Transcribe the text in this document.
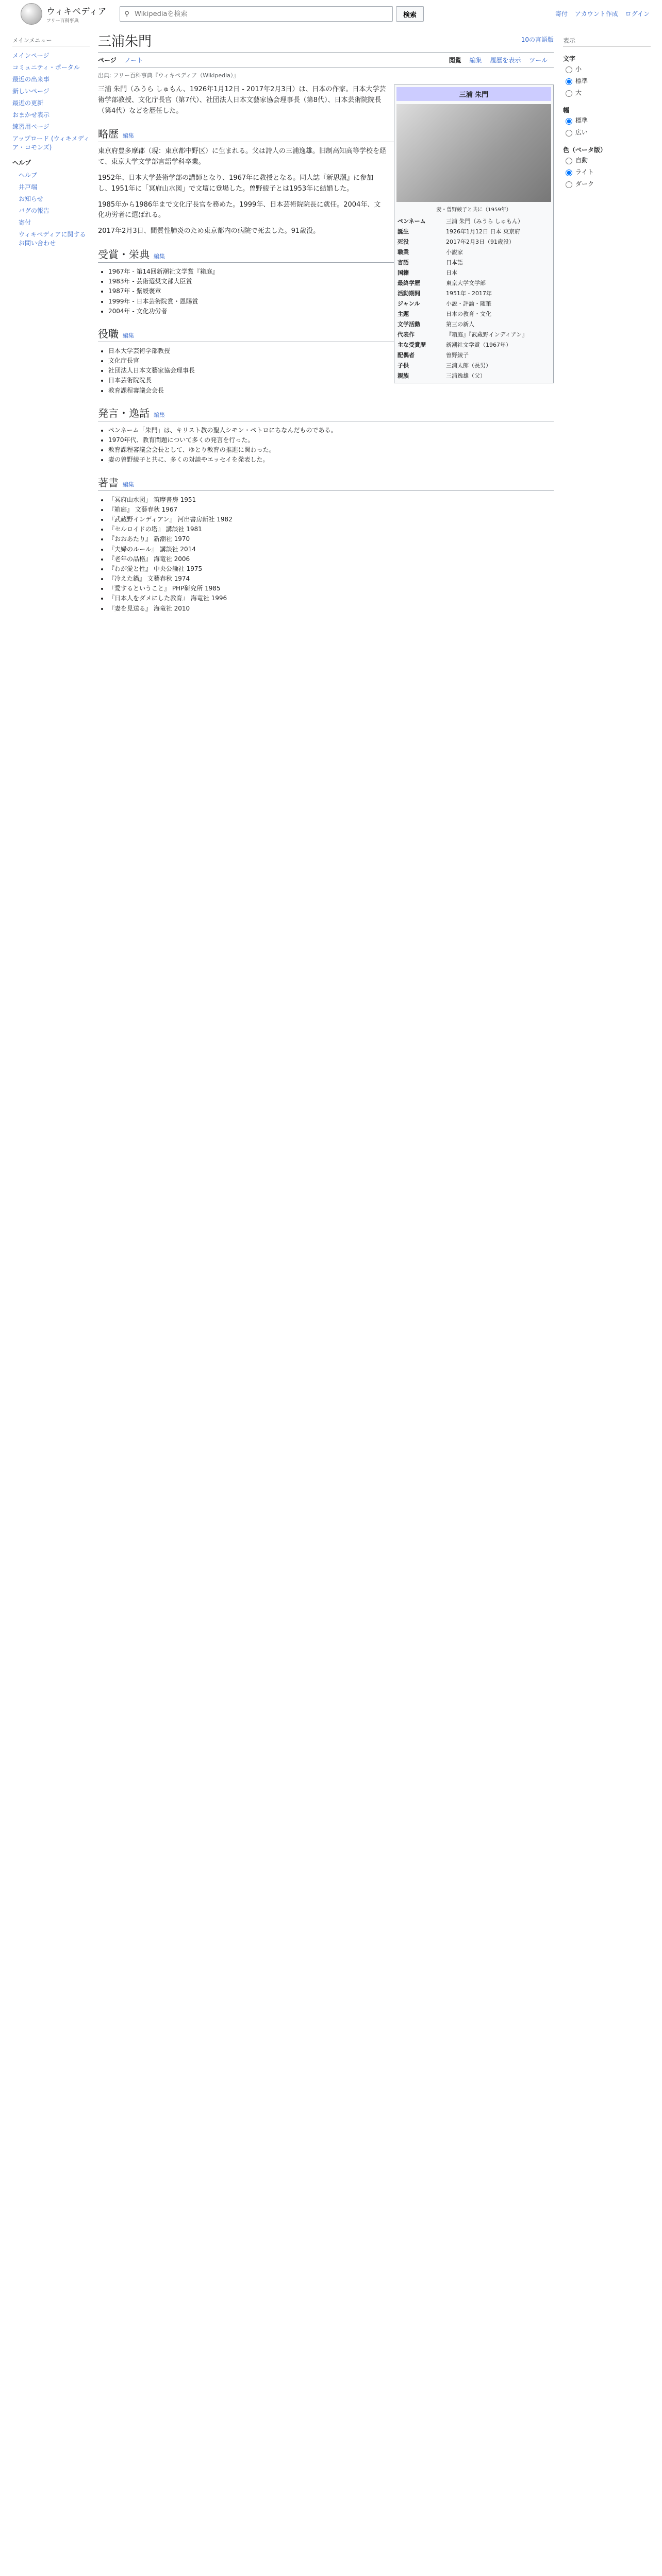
ウィキペディア
フリー百科事典
⚲
Wikipediaを検索	検索	寄付 アカウント作成 ログイン
メインメニュー
メインページ
コミュニティ・ポータル
最近の出来事
新しいページ
最近の更新
おまかせ表示
練習用ページ
アップロード (ウィキメディア・コモンズ)
ヘルプ
ヘルプ
井戸端
お知らせ
バグの報告
寄付
ウィキペディアに関するお問い合わせ
三浦朱門	10の言語版
ページ ノート	閲覧 編集 履歴を表示 ツール
出典: フリー百科事典『ウィキペディア（Wikipedia）』
三浦 朱門
妻・曽野綾子と共に（1959年）
ペンネーム	三浦 朱門（みうら しゅもん）
誕生	1926年1月12日 日本 東京府
死没	2017年2月3日（91歳没）
職業	小説家
言語	日本語
国籍	日本
最終学歴	東京大学文学部
活動期間	1951年 - 2017年
ジャンル	小説・評論・随筆
主題	日本の教育・文化
文学活動	第三の新人
代表作	『箱庭』『武蔵野インディアン』
主な受賞歴	新潮社文学賞（1967年）
配偶者	曽野綾子
子供	三浦太郎（長男）
親族	三浦逸雄（父）

三浦 朱門（みうら しゅもん、1926年1月12日 - 2017年2月3日）は、日本の作家。日本大学芸術学部教授、文化庁長官（第7代）、社団法人日本文藝家協会理事長（第8代）、日本芸術院院長（第4代）などを歴任した。

略歴 編集

東京府豊多摩郡（現：東京都中野区）に生まれる。父は詩人の三浦逸雄。旧制高知高等学校を経て、東京大学文学部言語学科卒業。

1952年、日本大学芸術学部の講師となり、1967年に教授となる。同人誌『新思潮』に参加し、1951年に「冥府山水図」で文壇に登場した。曽野綾子とは1953年に結婚した。

1985年から1986年まで文化庁長官を務めた。1999年、日本芸術院院長に就任。2004年、文化功労者に選ばれる。

2017年2月3日、間質性肺炎のため東京都内の病院で死去した。91歳没。

受賞・栄典 編集
• 1967年 - 第14回新潮社文学賞『箱庭』
• 1983年 - 芸術選奨文部大臣賞
• 1987年 - 紫綬褒章
• 1999年 - 日本芸術院賞・恩賜賞
• 2004年 - 文化功労者
役職 編集
• 日本大学芸術学部教授
• 文化庁長官
• 社団法人日本文藝家協会理事長
• 日本芸術院院長
• 教育課程審議会会長
発言・逸話 編集
• ペンネーム「朱門」は、キリスト教の聖人シモン・ペトロにちなんだものである。
• 1970年代、教育問題について多くの発言を行った。
• 教育課程審議会会長として、ゆとり教育の推進に関わった。
• 妻の曽野綾子と共に、多くの対談やエッセイを発表した。
著書 編集
• 「冥府山水図」 筑摩書房 1951
• 『箱庭』 文藝春秋 1967
• 『武蔵野インディアン』 河出書房新社 1982
• 『セルロイドの塔』 講談社 1981
• 『おおあたり』 新潮社 1970
• 『夫婦のルール』 講談社 2014
• 『老年の品格』 海竜社 2006
• 『わが愛と性』 中央公論社 1975
• 『冷えた鍋』 文藝春秋 1974
• 『愛するということ』 PHP研究所 1985
• 『日本人をダメにした教育』 海竜社 1996
• 『妻を見送る』 海竜社 2010
表示
文字
小
標準
大
幅
標準
広い
色（ベータ版）
自動
ライト
ダーク
